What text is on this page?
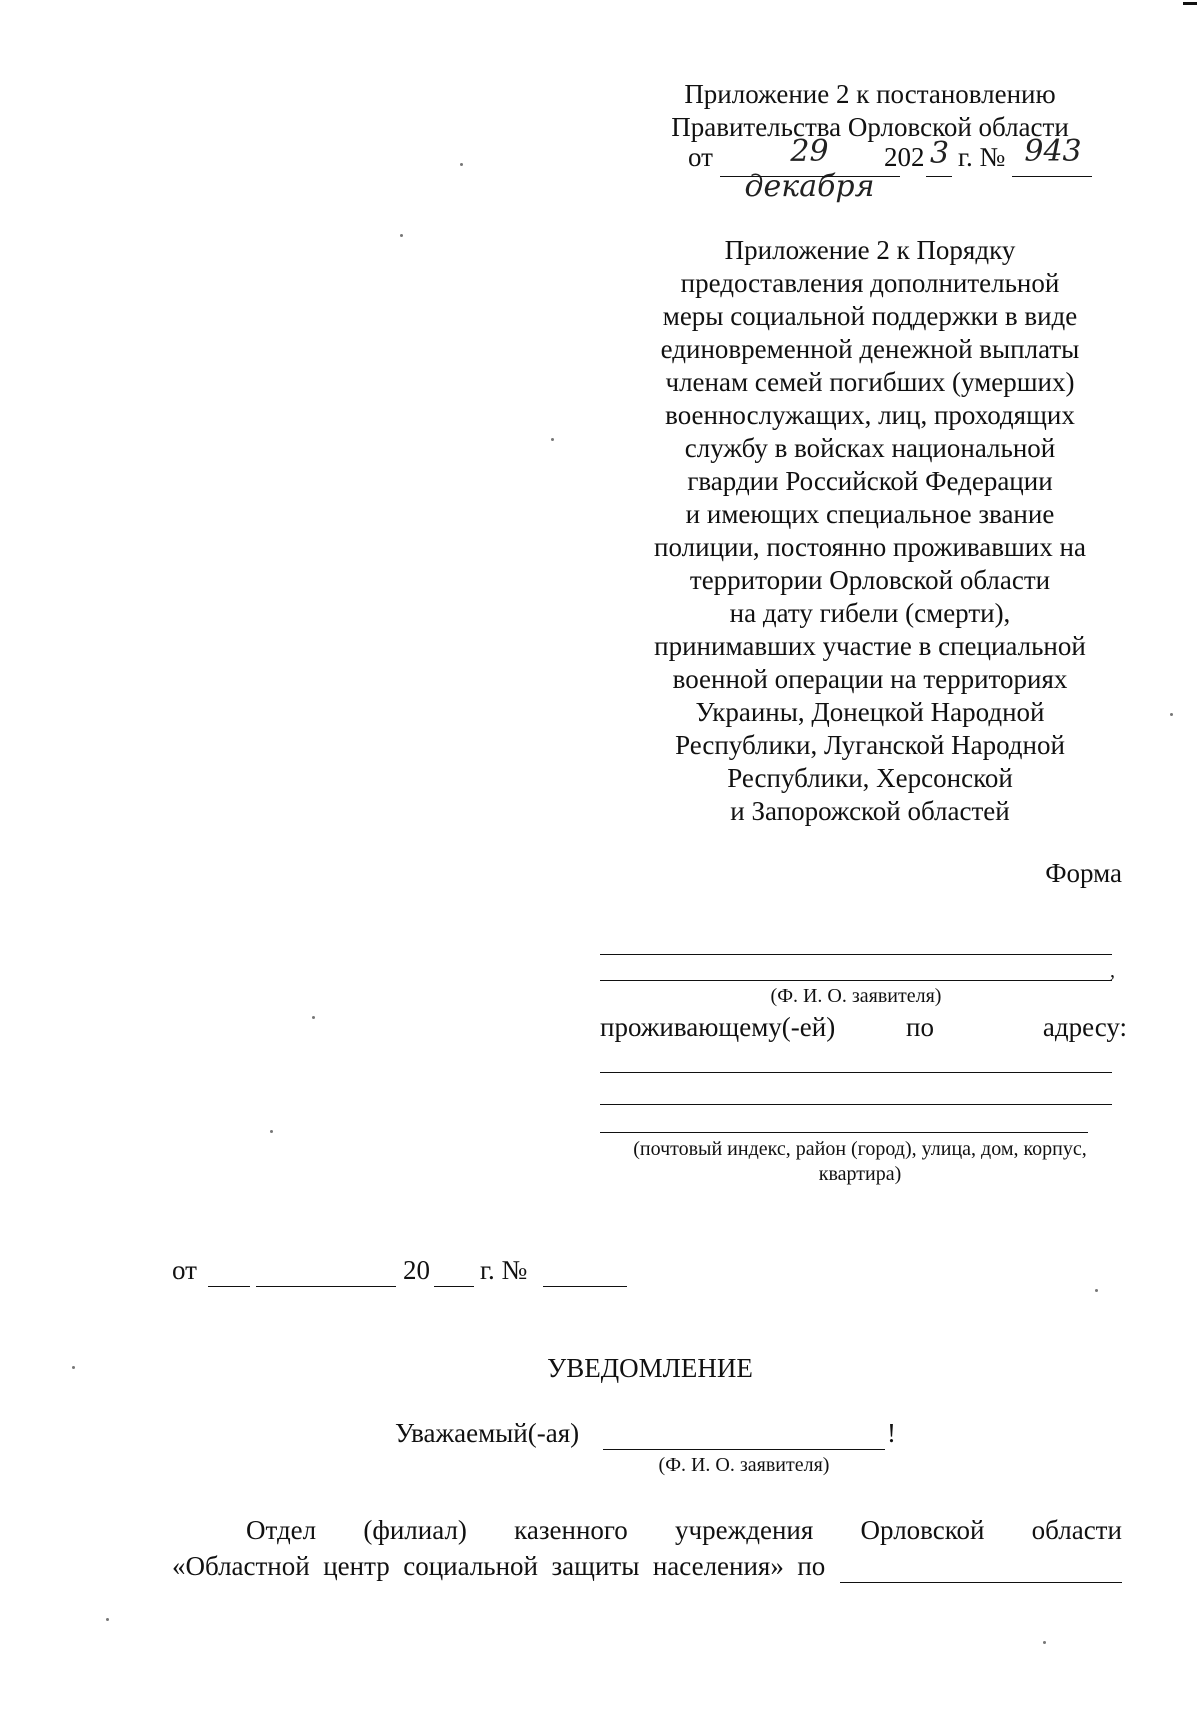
Приложение 2 к постановлению
Правительства Орловской области
от	29 декабря
202 3 г. № 943
Приложение 2 к Порядку
предоставления дополнительной
меры социальной поддержки в виде
единовременной денежной выплаты
членам семей погибших (умерших)
военнослужащих, лиц, проходящих
службу в войсках национальной
гвардии Российской Федерации
и имеющих специальное звание
полиции, постоянно проживавших на
территории Орловской области
на дату гибели (смерти),
принимавших участие в специальной
военной операции на территориях
Украины, Донецкой Народной
Республики, Луганской Народной
Республики, Херсонской
и Запорожской областей
Форма
,
(Ф. И. О. заявителя)
проживающему(-ей)	по	адресу:
(почтовый индекс, район (город), улица, дом, корпус,
квартира)
от	20 г. №
УВЕДОМЛЕНИЕ
Уважаемый(-ая)	!
(Ф. И. О. заявителя)
Отдел (филиал) казенного учреждения Орловской области
«Областной  центр  социальной  защиты  населения»  по
